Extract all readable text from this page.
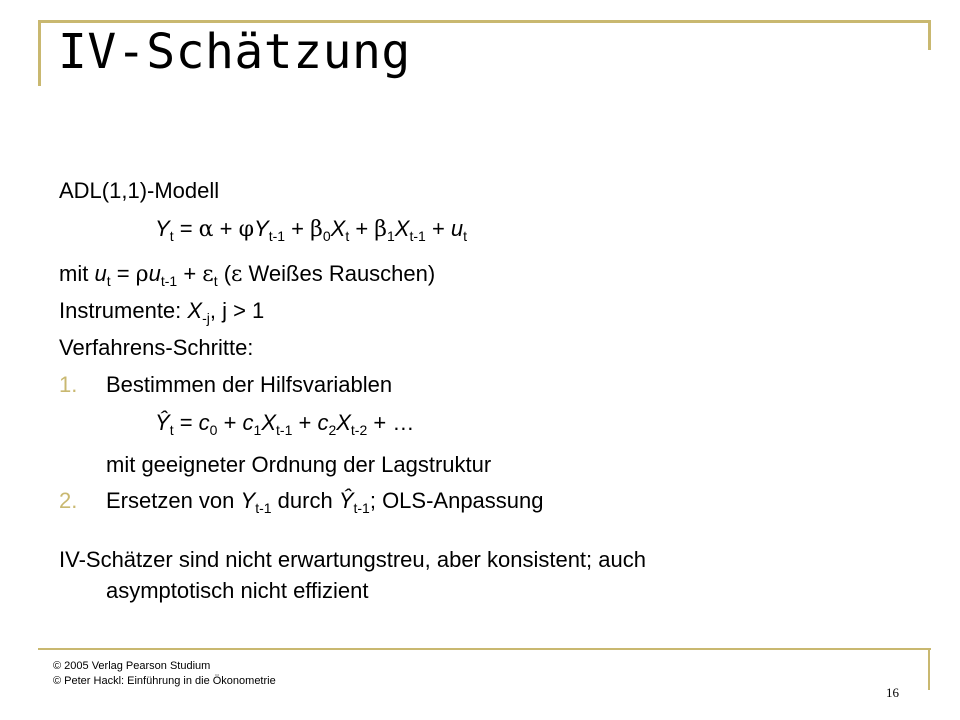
IV-Schätzung
ADL(1,1)-Modell
$Y_t = \alpha + \varphi Y_{t-1} + \beta_0X_t + \beta_1X_{t-1} + u_t$
mit $u_t = \rho u_{t-1} + \varepsilon_t$ (ε Weißes Rauschen)
Instrumente: $X_{-j}$, j > 1
Verfahrens-Schritte:
1. Bestimmen der Hilfsvariablen
$Ŷ_t = c_0 + c_1X_{t-1} + c_2X_{t-2}$ + …
mit geeigneter Ordnung der Lagstruktur
2. Ersetzen von $Y_{t-1}$ durch $Ŷ_{t-1}$; OLS-Anpassung
IV-Schätzer sind nicht erwartungstreu, aber konsistent; auch
asymptotisch nicht effizient
© 2005 Verlag Pearson Studium
© Peter Hackl: Einführung in die Ökonometrie
16
